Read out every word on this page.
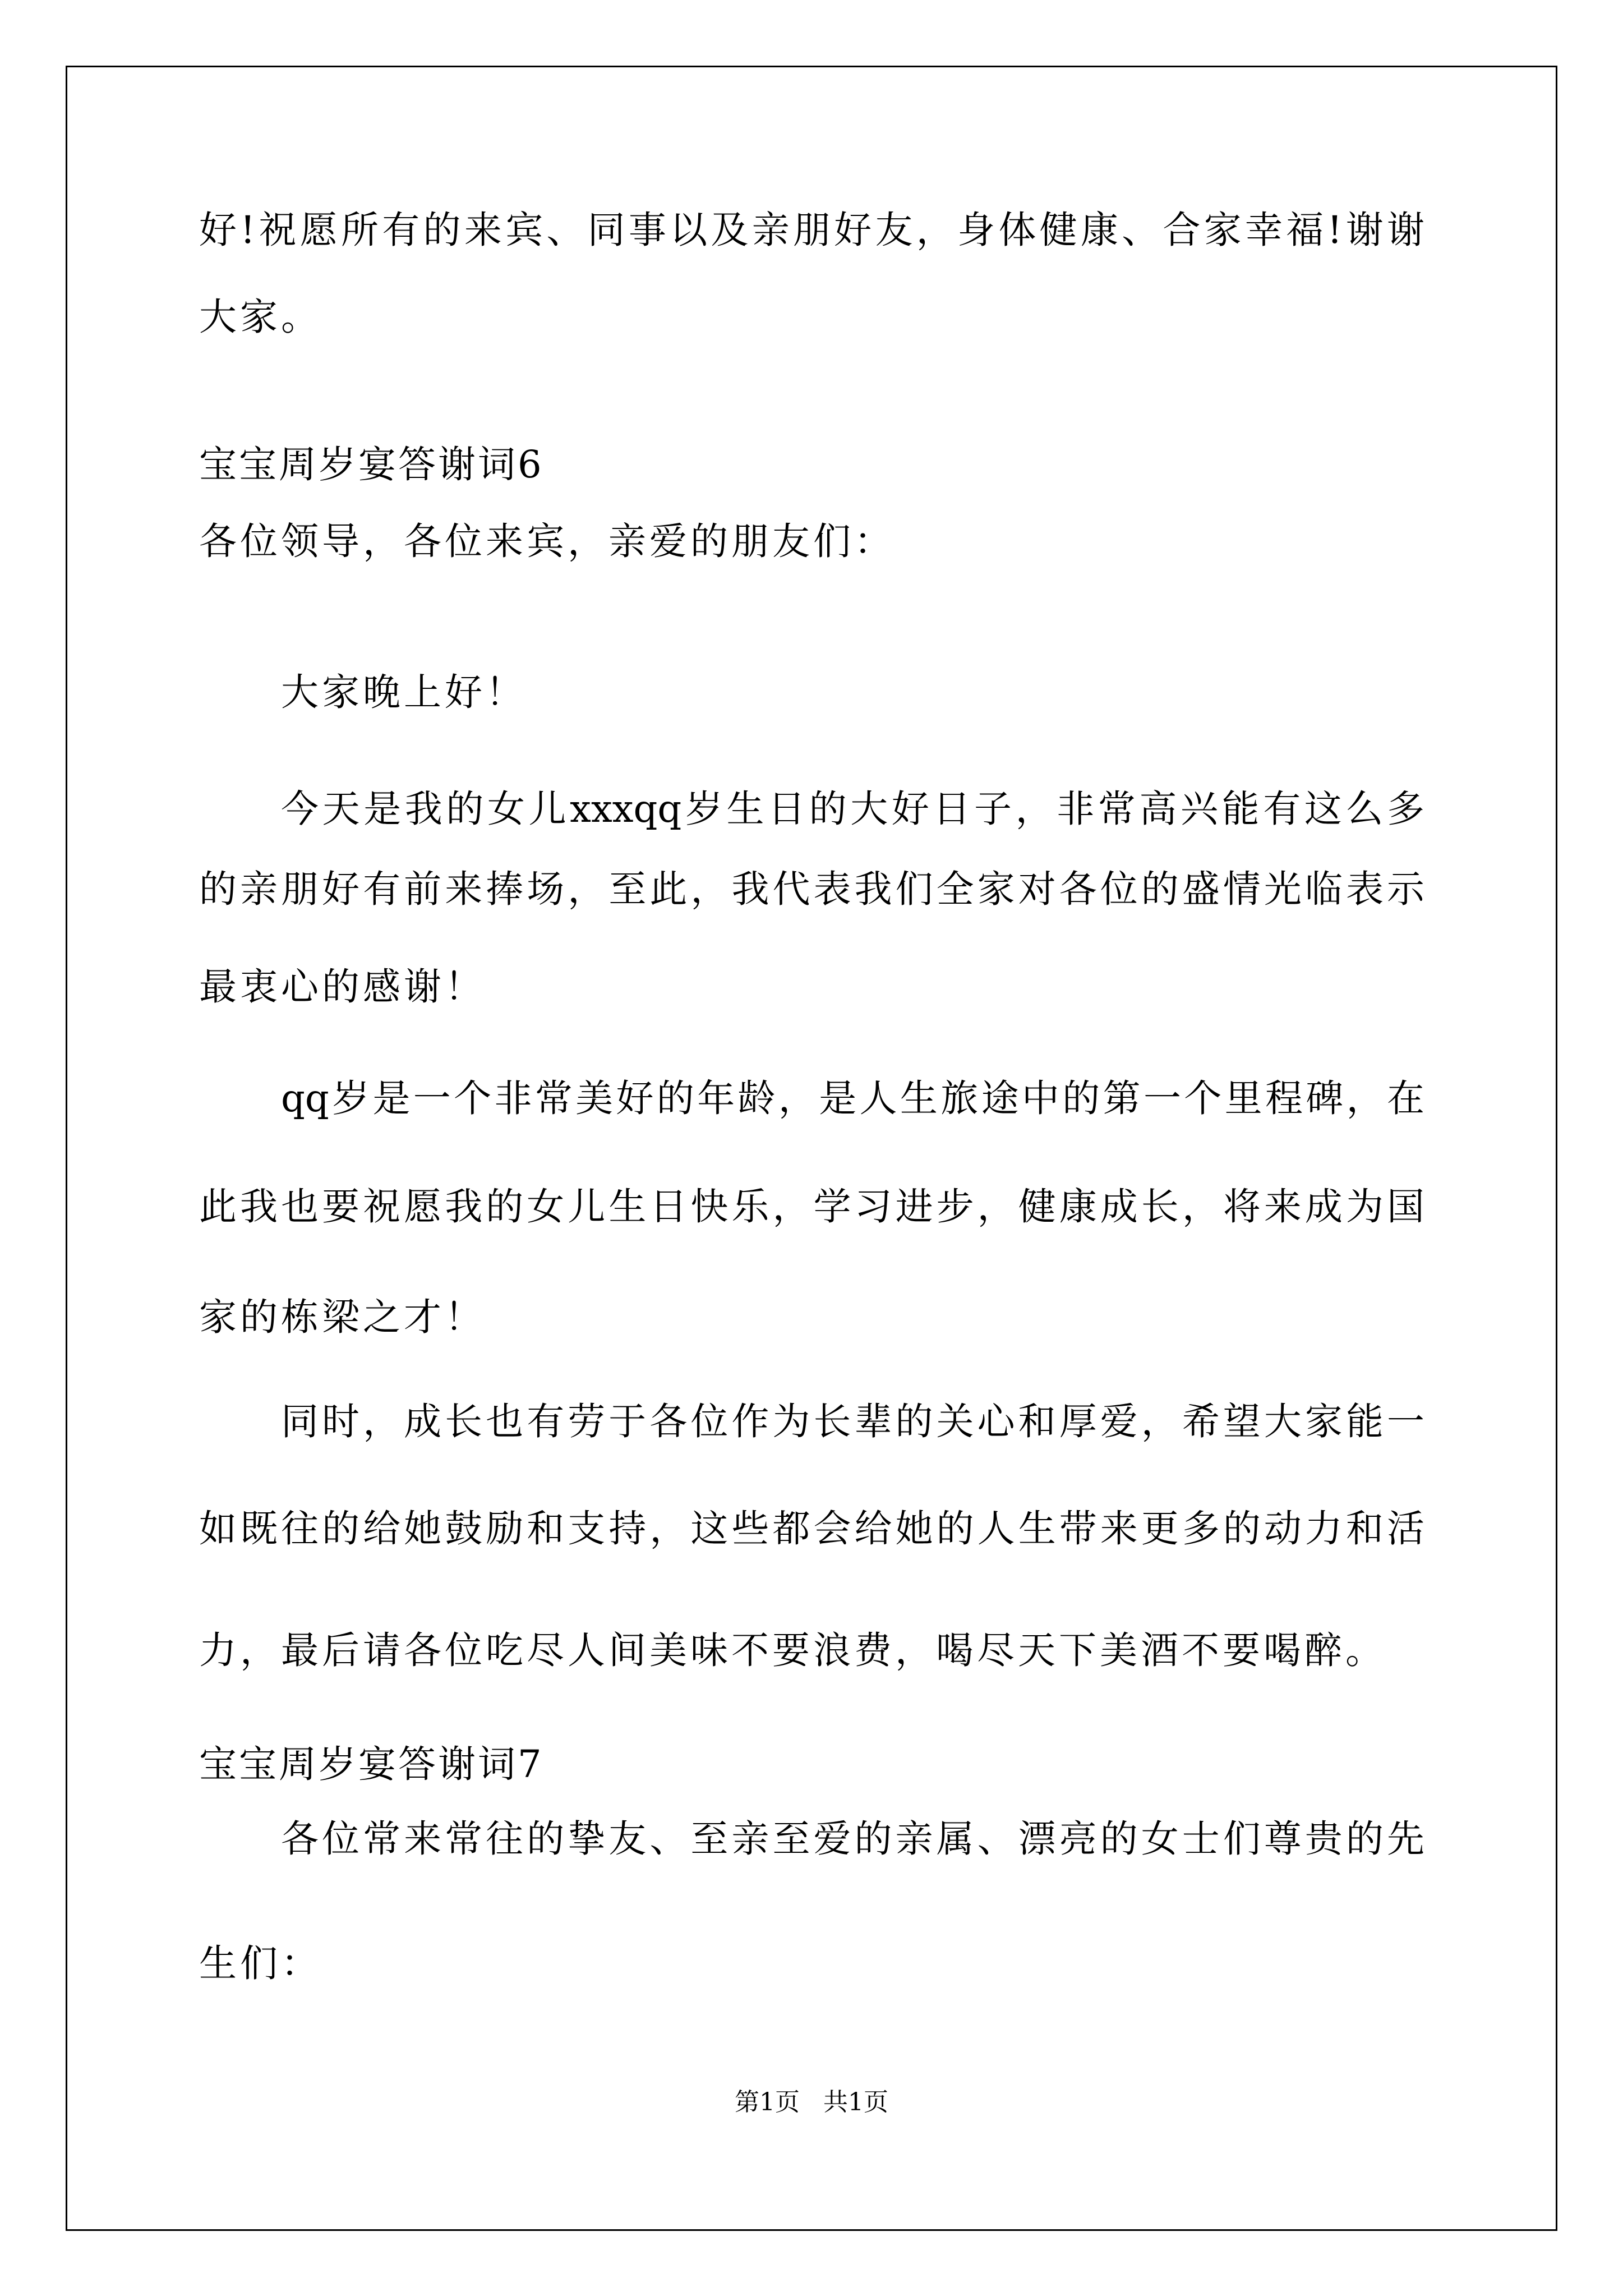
好!祝愿所有的来宾、同事以及亲朋好友，身体健康、合家幸福!谢谢
大家。
宝宝周岁宴答谢词6
各位领导，各位来宾，亲爱的朋友们：
大家晚上好！
今天是我的女儿xxxqq岁生日的大好日子，非常高兴能有这么多
的亲朋好有前来捧场，至此，我代表我们全家对各位的盛情光临表示
最衷心的感谢！
qq岁是一个非常美好的年龄，是人生旅途中的第一个里程碑，在
此我也要祝愿我的女儿生日快乐，学习进步，健康成长，将来成为国
家的栋梁之才！
同时，成长也有劳于各位作为长辈的关心和厚爱，希望大家能一
如既往的给她鼓励和支持，这些都会给她的人生带来更多的动力和活
力，最后请各位吃尽人间美味不要浪费，喝尽天下美酒不要喝醉。
宝宝周岁宴答谢词7
各位常来常往的挚友、至亲至爱的亲属、漂亮的女士们尊贵的先
生们：
第1页   共1页
